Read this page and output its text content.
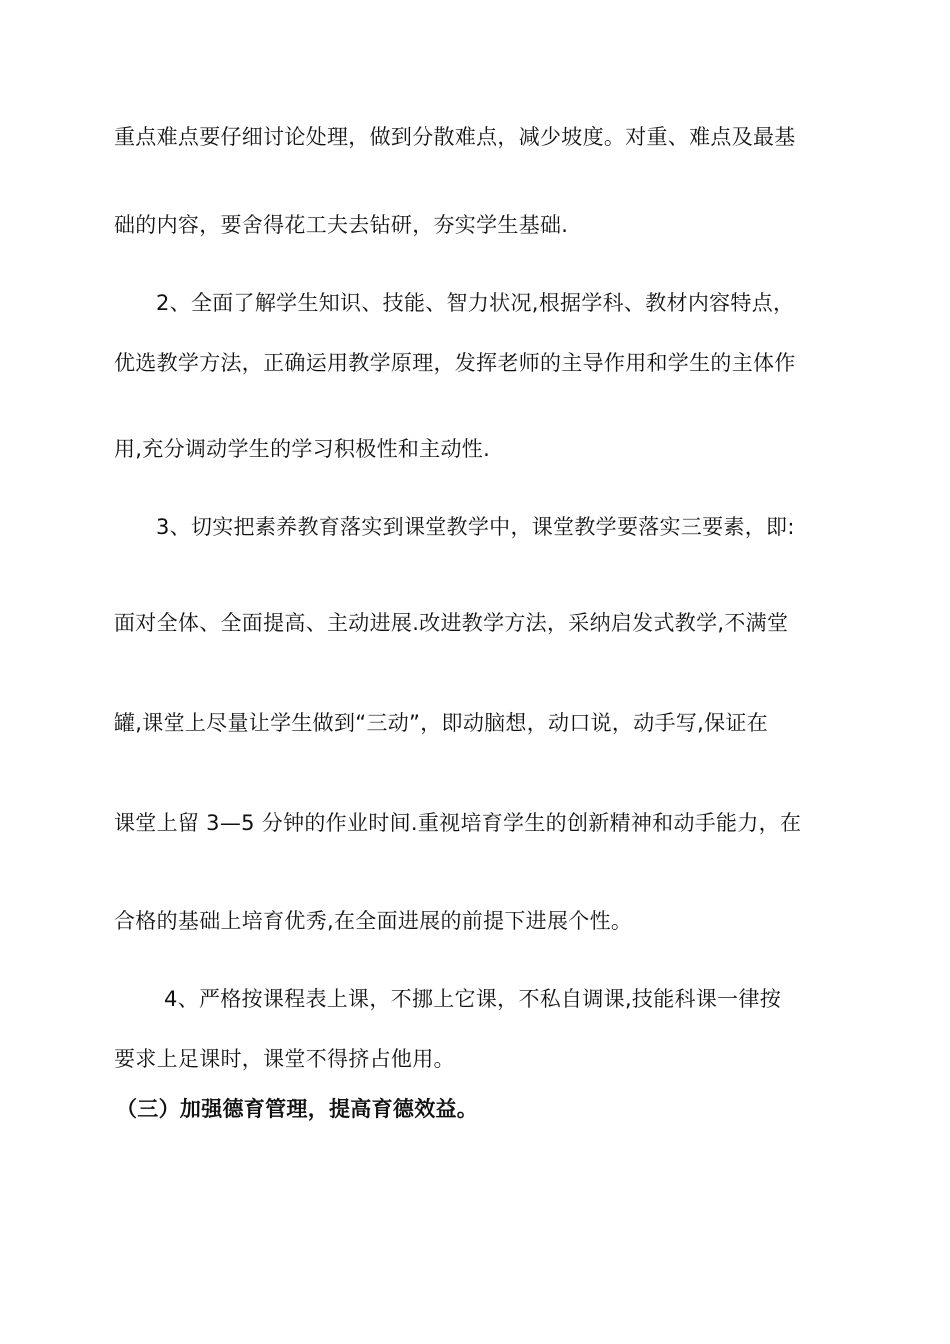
重点难点要仔细讨论处理，做到分散难点，减少坡度。对重、难点及最基
础的内容，要舍得花工夫去钻研，夯实学生基础.
2、全面了解学生知识、技能、智力状况,根据学科、教材内容特点，
优选教学方法，正确运用教学原理，发挥老师的主导作用和学生的主体作
用,充分调动学生的学习积极性和主动性.
3、切实把素养教育落实到课堂教学中，课堂教学要落实三要素，即:
面对全体、全面提高、主动进展.改进教学方法，采纳启发式教学,不满堂
罐,课堂上尽量让学生做到“三动”，即动脑想，动口说，动手写,保证在
课堂上留 3—5 分钟的作业时间.重视培育学生的创新精神和动手能力，在
合格的基础上培育优秀,在全面进展的前提下进展个性。
4、严格按课程表上课，不挪上它课，不私自调课,技能科课一律按
要求上足课时，课堂不得挤占他用。
（三）加强德育管理，提高育德效益。
